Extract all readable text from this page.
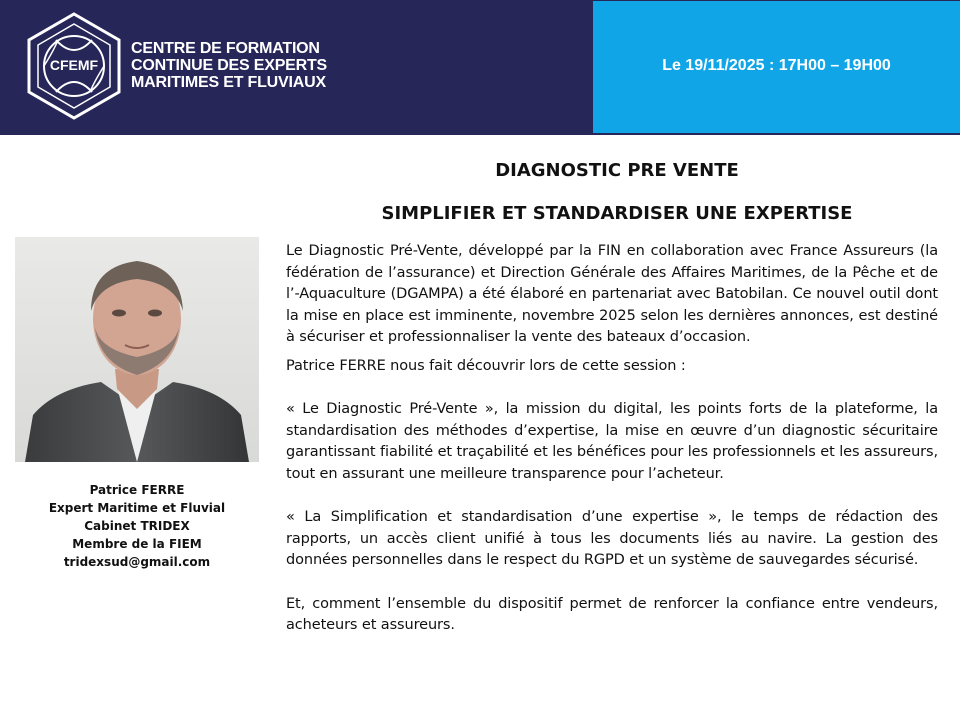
CFEMF
CENTRE DE FORMATION
CONTINUE DES EXPERTS
MARITIMES ET FLUVIAUX
Le 19/11/2025 : 17H00 – 19H00
DIAGNOSTIC PRE VENTE
SIMPLIFIER ET STANDARDISER UNE EXPERTISE
Patrice FERRE
Expert Maritime et Fluvial
Cabinet TRIDEX
Membre de la FIEM
tridexsud@gmail.com

Le Diagnostic Pré-Vente, développé par la FIN en collaboration avec France Assureurs (la fédération de l’assurance) et Direction Générale des Affaires Maritimes, de la Pêche et de l’-Aquaculture (DGAMPA) a été élaboré en partenariat avec Batobilan. Ce nouvel outil dont la mise en place est imminente, novembre 2025 selon les dernières annonces, est destiné à sécuriser et professionnaliser la vente des bateaux d’occasion.

Patrice FERRE nous fait découvrir lors de cette session :

« Le Diagnostic Pré-Vente », la mission du digital, les points forts de la plateforme, la standardisation des méthodes d’expertise, la mise en œuvre d’un diagnostic sécuritaire garantissant fiabilité et traçabilité et les bénéfices pour les professionnels et les assureurs, tout en assurant une meilleure transparence pour l’acheteur.

« La Simplification et standardisation d’une expertise », le temps de rédaction des rapports, un accès client unifié à tous les documents liés au navire. La gestion des données personnelles dans le respect du RGPD et un système de sauvegardes sécurisé.

Et, comment l’ensemble du dispositif permet de renforcer la confiance entre vendeurs, acheteurs et assureurs.
